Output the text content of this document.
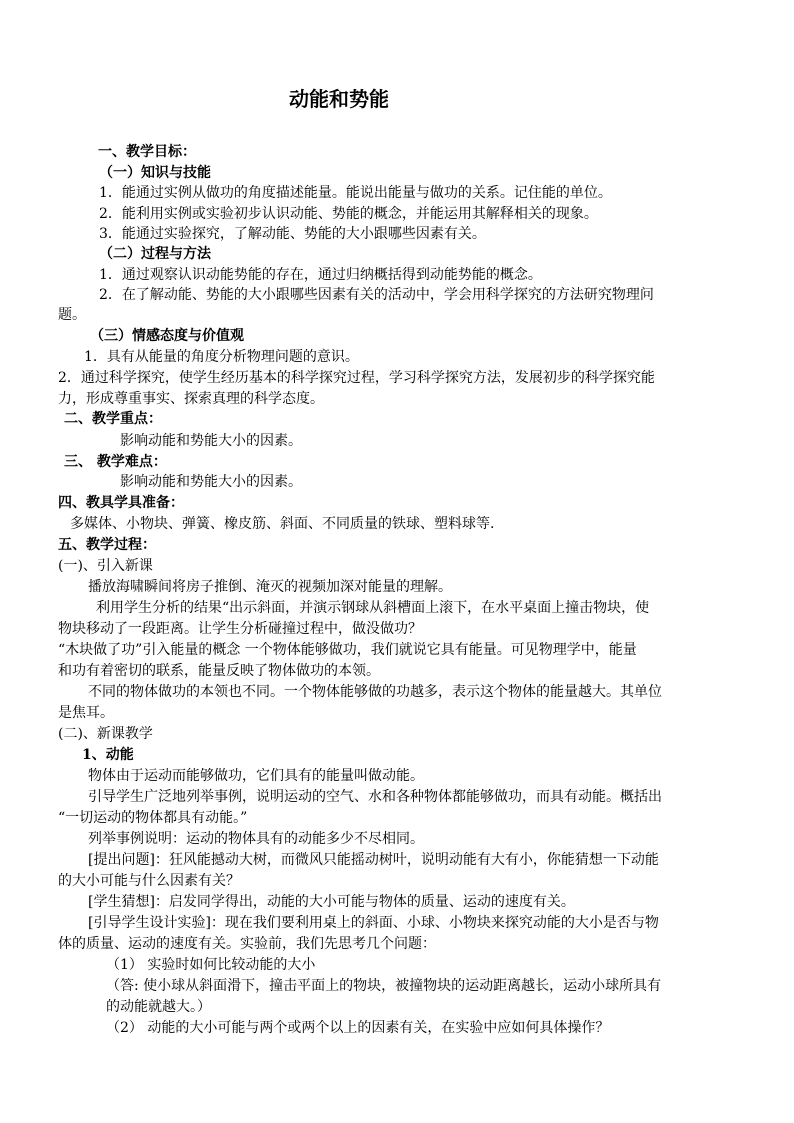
动能和势能
一、教学目标：
（一）知识与技能
1．能通过实例从做功的角度描述能量。能说出能量与做功的关系。记住能的单位。
2．能利用实例或实验初步认识动能、势能的概念，并能运用其解释相关的现象。
3．能通过实验探究，了解动能、势能的大小跟哪些因素有关。
（二）过程与方法
1．通过观察认识动能势能的存在，通过归纳概括得到动能势能的概念。
2．在了解动能、势能的大小跟哪些因素有关的活动中，学会用科学探究的方法研究物理问
题。
（三）情感态度与价值观
1．具有从能量的角度分析物理问题的意识。
2．通过科学探究，使学生经历基本的科学探究过程，学习科学探究方法，发展初步的科学探究能
力，形成尊重事实、探索真理的科学态度。
二、教学重点：
影响动能和势能大小的因素。
三、 教学难点：
影响动能和势能大小的因素。
四、教具学具准备：
多媒体、小物块、弹簧、橡皮筋、斜面、不同质量的铁球、塑料球等.
五、教学过程：
(一)、引入新课
播放海啸瞬间将房子推倒、淹灭的视频加深对能量的理解。
利用学生分析的结果“出示斜面，并演示钢球从斜槽面上滚下，在水平桌面上撞击物块，使
物块移动了一段距离。让学生分析碰撞过程中，做没做功？
“木块做了功”引入能量的概念 一个物体能够做功，我们就说它具有能量。可见物理学中，能量
和功有着密切的联系，能量反映了物体做功的本领。
不同的物体做功的本领也不同。一个物体能够做的功越多，表示这个物体的能量越大。其单位
是焦耳。
(二)、新课教学
1、动能
物体由于运动而能够做功，它们具有的能量叫做动能。
引导学生广泛地列举事例，说明运动的空气、水和各种物体都能够做功，而具有动能。概括出
“一切运动的物体都具有动能。”
列举事例说明：运动的物体具有的动能多少不尽相同。
[提出问题]：狂风能撼动大树，而微风只能摇动树叶，说明动能有大有小，你能猜想一下动能
的大小可能与什么因素有关？
[学生猜想]：启发同学得出，动能的大小可能与物体的质量、运动的速度有关。
[引导学生设计实验]：现在我们要利用桌上的斜面、小球、小物块来探究动能的大小是否与物
体的质量、运动的速度有关。实验前，我们先思考几个问题：
（1） 实验时如何比较动能的大小
（答: 使小球从斜面滑下，撞击平面上的物块，被撞物块的运动距离越长，运动小球所具有
的动能就越大。）
（2） 动能的大小可能与两个或两个以上的因素有关，在实验中应如何具体操作？
